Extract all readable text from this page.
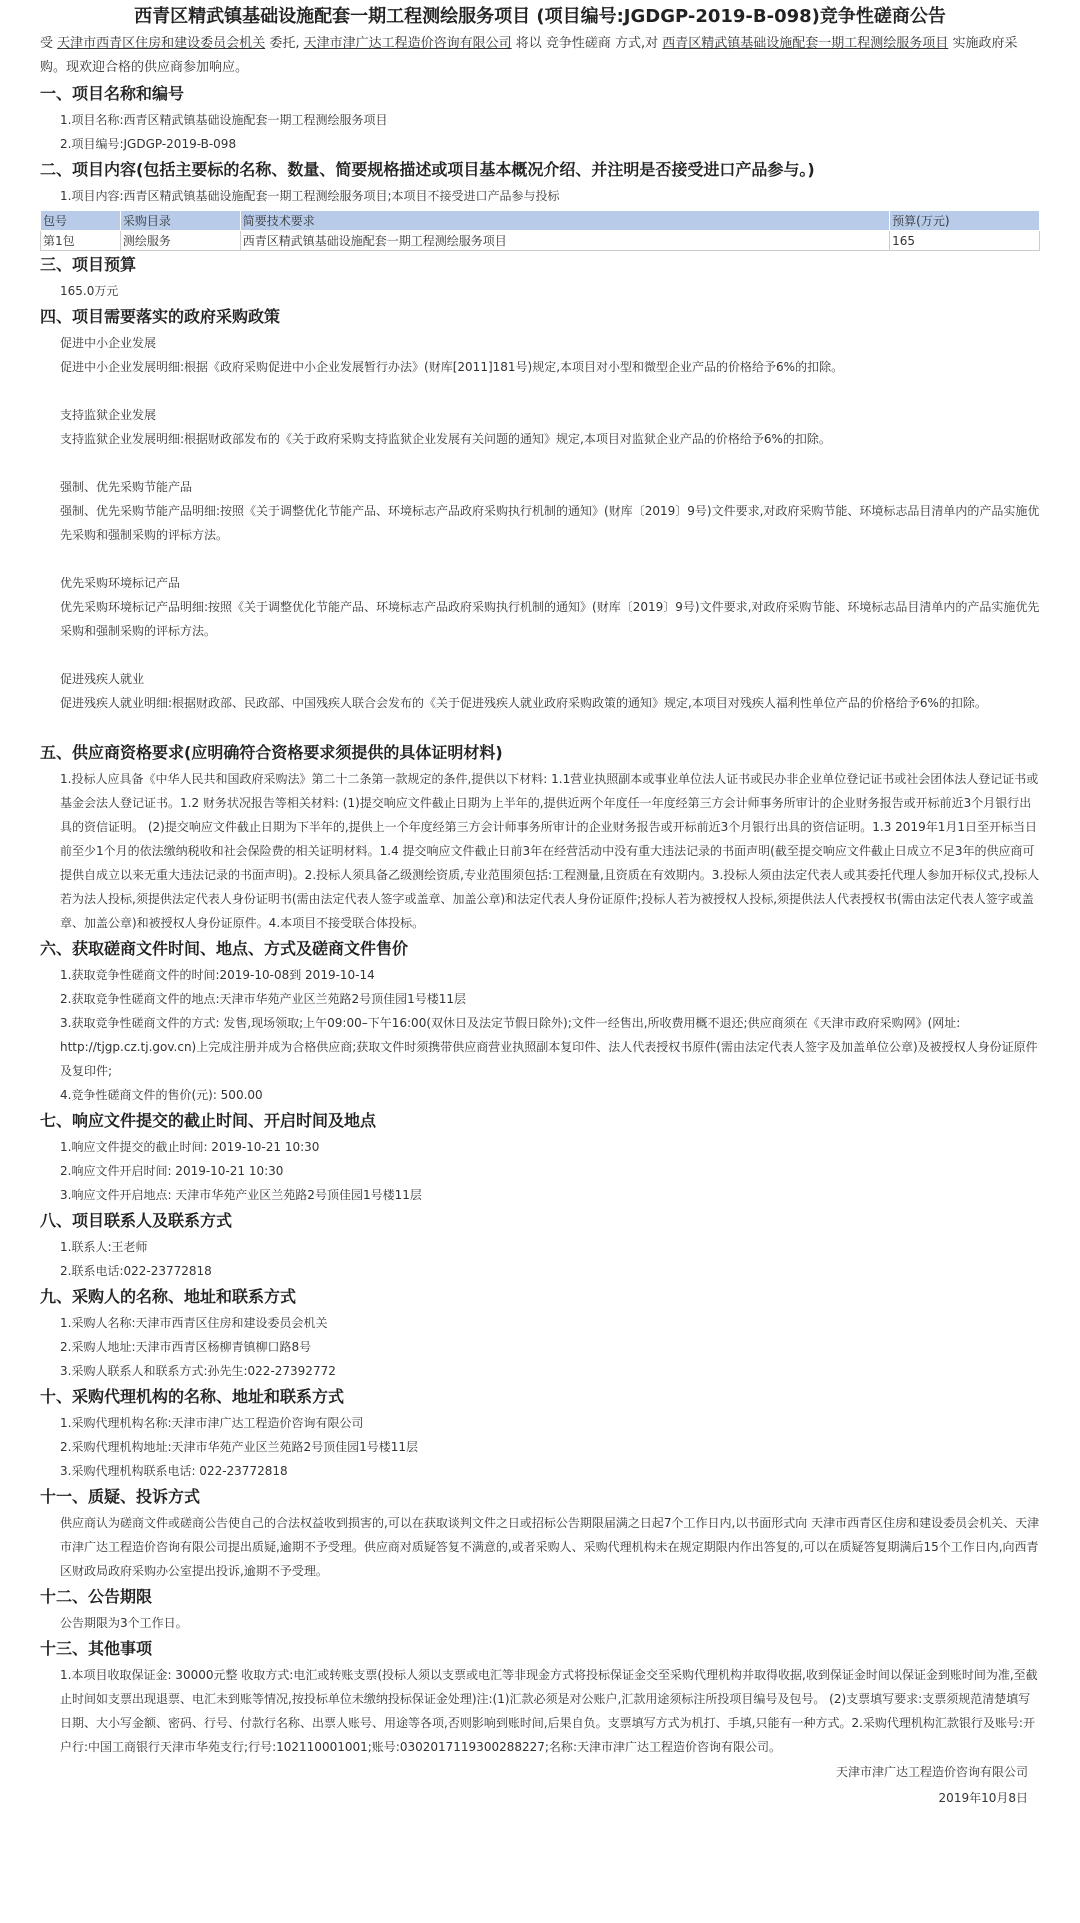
西青区精武镇基础设施配套一期工程测绘服务项目 (项目编号:JGDGP-2019-B-098)竞争性磋商公告

受 天津市西青区住房和建设委员会机关 委托, 天津市津广达工程造价咨询有限公司 将以 竞争性磋商 方式,对 西青区精武镇基础设施配套一期工程测绘服务项目 实施政府采购。现欢迎合格的供应商参加响应。

一、项目名称和编号

1.项目名称:西青区精武镇基础设施配套一期工程测绘服务项目

2.项目编号:JGDGP-2019-B-098

二、项目内容(包括主要标的名称、数量、简要规格描述或项目基本概况介绍、并注明是否接受进口产品参与。)

1.项目内容:西青区精武镇基础设施配套一期工程测绘服务项目;本项目不接受进口产品参与投标

包号	采购目录	简要技术要求	预算(万元)
第1包	测绘服务	西青区精武镇基础设施配套一期工程测绘服务项目	165
三、项目预算

165.0万元

四、项目需要落实的政府采购政策

促进中小企业发展

促进中小企业发展明细:根据《政府采购促进中小企业发展暂行办法》(财库[2011]181号)规定,本项目对小型和微型企业产品的价格给予6%的扣除。

支持监狱企业发展

支持监狱企业发展明细:根据财政部发布的《关于政府采购支持监狱企业发展有关问题的通知》规定,本项目对监狱企业产品的价格给予6%的扣除。

强制、优先采购节能产品

强制、优先采购节能产品明细:按照《关于调整优化节能产品、环境标志产品政府采购执行机制的通知》(财库〔2019〕9号)文件要求,对政府采购节能、环境标志品目清单内的产品实施优先采购和强制采购的评标方法。

优先采购环境标记产品

优先采购环境标记产品明细:按照《关于调整优化节能产品、环境标志产品政府采购执行机制的通知》(财库〔2019〕9号)文件要求,对政府采购节能、环境标志品目清单内的产品实施优先采购和强制采购的评标方法。

促进残疾人就业

促进残疾人就业明细:根据财政部、民政部、中国残疾人联合会发布的《关于促进残疾人就业政府采购政策的通知》规定,本项目对残疾人福利性单位产品的价格给予6%的扣除。

五、供应商资格要求(应明确符合资格要求须提供的具体证明材料)

1.投标人应具备《中华人民共和国政府采购法》第二十二条第一款规定的条件,提供以下材料: 1.1营业执照副本或事业单位法人证书或民办非企业单位登记证书或社会团体法人登记证书或基金会法人登记证书。1.2 财务状况报告等相关材料: (1)提交响应文件截止日期为上半年的,提供近两个年度任一年度经第三方会计师事务所审计的企业财务报告或开标前近3个月银行出具的资信证明。 (2)提交响应文件截止日期为下半年的,提供上一个年度经第三方会计师事务所审计的企业财务报告或开标前近3个月银行出具的资信证明。1.3 2019年1月1日至开标当日前至少1个月的依法缴纳税收和社会保险费的相关证明材料。1.4 提交响应文件截止日前3年在经营活动中没有重大违法记录的书面声明(截至提交响应文件截止日成立不足3年的供应商可提供自成立以来无重大违法记录的书面声明)。2.投标人须具备乙级测绘资质,专业范围须包括:工程测量,且资质在有效期内。3.投标人须由法定代表人或其委托代理人参加开标仪式,投标人若为法人投标,须提供法定代表人身份证明书(需由法定代表人签字或盖章、加盖公章)和法定代表人身份证原件;投标人若为被授权人投标,须提供法人代表授权书(需由法定代表人签字或盖章、加盖公章)和被授权人身份证原件。4.本项目不接受联合体投标。

六、获取磋商文件时间、地点、方式及磋商文件售价

1.获取竞争性磋商文件的时间:2019-10-08到 2019-10-14

2.获取竞争性磋商文件的地点:天津市华苑产业区兰苑路2号顶佳园1号楼11层

3.获取竞争性磋商文件的方式: 发售,现场领取;上午09:00–下午16:00(双休日及法定节假日除外);文件一经售出,所收费用概不退还;供应商须在《天津市政府采购网》(网址: http://tjgp.cz.tj.gov.cn)上完成注册并成为合格供应商;获取文件时须携带供应商营业执照副本复印件、法人代表授权书原件(需由法定代表人签字及加盖单位公章)及被授权人身份证原件及复印件;

4.竞争性磋商文件的售价(元): 500.00

七、响应文件提交的截止时间、开启时间及地点

1.响应文件提交的截止时间: 2019-10-21 10:30

2.响应文件开启时间: 2019-10-21 10:30

3.响应文件开启地点: 天津市华苑产业区兰苑路2号顶佳园1号楼11层

八、项目联系人及联系方式

1.联系人:王老师

2.联系电话:022-23772818

九、采购人的名称、地址和联系方式

1.采购人名称:天津市西青区住房和建设委员会机关

2.采购人地址:天津市西青区杨柳青镇柳口路8号

3.采购人联系人和联系方式:孙先生:022-27392772

十、采购代理机构的名称、地址和联系方式

1.采购代理机构名称:天津市津广达工程造价咨询有限公司

2.采购代理机构地址:天津市华苑产业区兰苑路2号顶佳园1号楼11层

3.采购代理机构联系电话: 022-23772818

十一、质疑、投诉方式

供应商认为磋商文件或磋商公告使自己的合法权益收到损害的,可以在获取谈判文件之日或招标公告期限届满之日起7个工作日内,以书面形式向 天津市西青区住房和建设委员会机关、天津市津广达工程造价咨询有限公司提出质疑,逾期不予受理。供应商对质疑答复不满意的,或者采购人、采购代理机构未在规定期限内作出答复的,可以在质疑答复期满后15个工作日内,向西青区财政局政府采购办公室提出投诉,逾期不予受理。

十二、公告期限

公告期限为3个工作日。

十三、其他事项

1.本项目收取保证金: 30000元整 收取方式:电汇或转账支票(投标人须以支票或电汇等非现金方式将投标保证金交至采购代理机构并取得收据,收到保证金时间以保证金到账时间为准,至截止时间如支票出现退票、电汇未到账等情况,按投标单位未缴纳投标保证金处理)注:(1)汇款必须是对公账户,汇款用途须标注所投项目编号及包号。 (2)支票填写要求:支票须规范清楚填写日期、大小写金额、密码、行号、付款行名称、出票人账号、用途等各项,否则影响到账时间,后果自负。支票填写方式为机打、手填,只能有一种方式。2.采购代理机构汇款银行及账号:开户行:中国工商银行天津市华苑支行;行号:102110001001;账号:0302017119300288227;名称:天津市津广达工程造价咨询有限公司。

天津市津广达工程造价咨询有限公司
2019年10月8日
